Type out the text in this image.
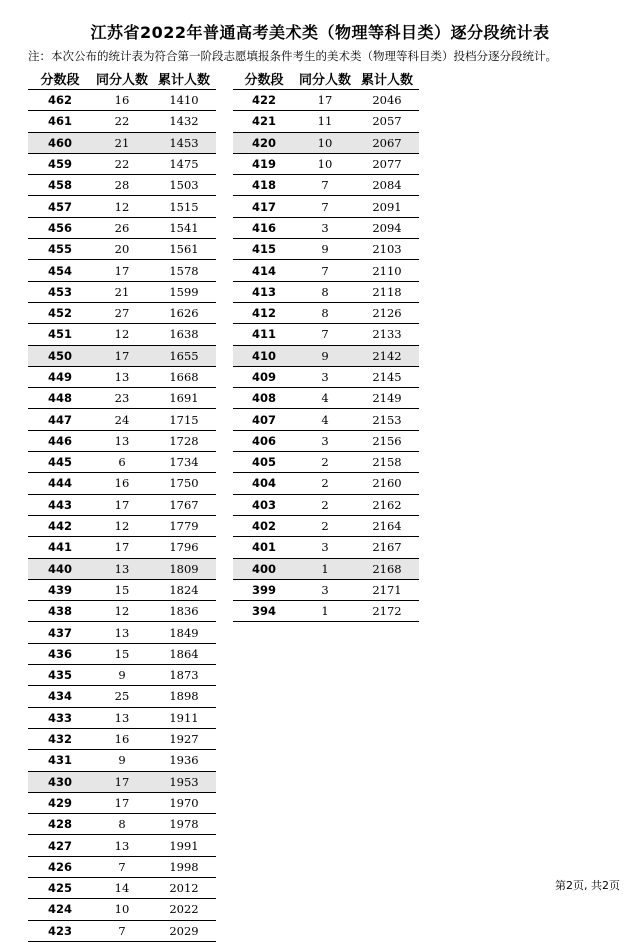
江苏省2022年普通高考美术类（物理等科目类）逐分段统计表
注：本次公布的统计表为符合第一阶段志愿填报条件考生的美术类（物理等科目类）投档分逐分段统计。
分数段	同分人数	累计人数
462	16	1410
461	22	1432
460	21	1453
459	22	1475
458	28	1503
457	12	1515
456	26	1541
455	20	1561
454	17	1578
453	21	1599
452	27	1626
451	12	1638
450	17	1655
449	13	1668
448	23	1691
447	24	1715
446	13	1728
445	6	1734
444	16	1750
443	17	1767
442	12	1779
441	17	1796
440	13	1809
439	15	1824
438	12	1836
437	13	1849
436	15	1864
435	9	1873
434	25	1898
433	13	1911
432	16	1927
431	9	1936
430	17	1953
429	17	1970
428	8	1978
427	13	1991
426	7	1998
425	14	2012
424	10	2022
423	7	2029
分数段	同分人数	累计人数
422	17	2046
421	11	2057
420	10	2067
419	10	2077
418	7	2084
417	7	2091
416	3	2094
415	9	2103
414	7	2110
413	8	2118
412	8	2126
411	7	2133
410	9	2142
409	3	2145
408	4	2149
407	4	2153
406	3	2156
405	2	2158
404	2	2160
403	2	2162
402	2	2164
401	3	2167
400	1	2168
399	3	2171
394	1	2172
第2页, 共2页
